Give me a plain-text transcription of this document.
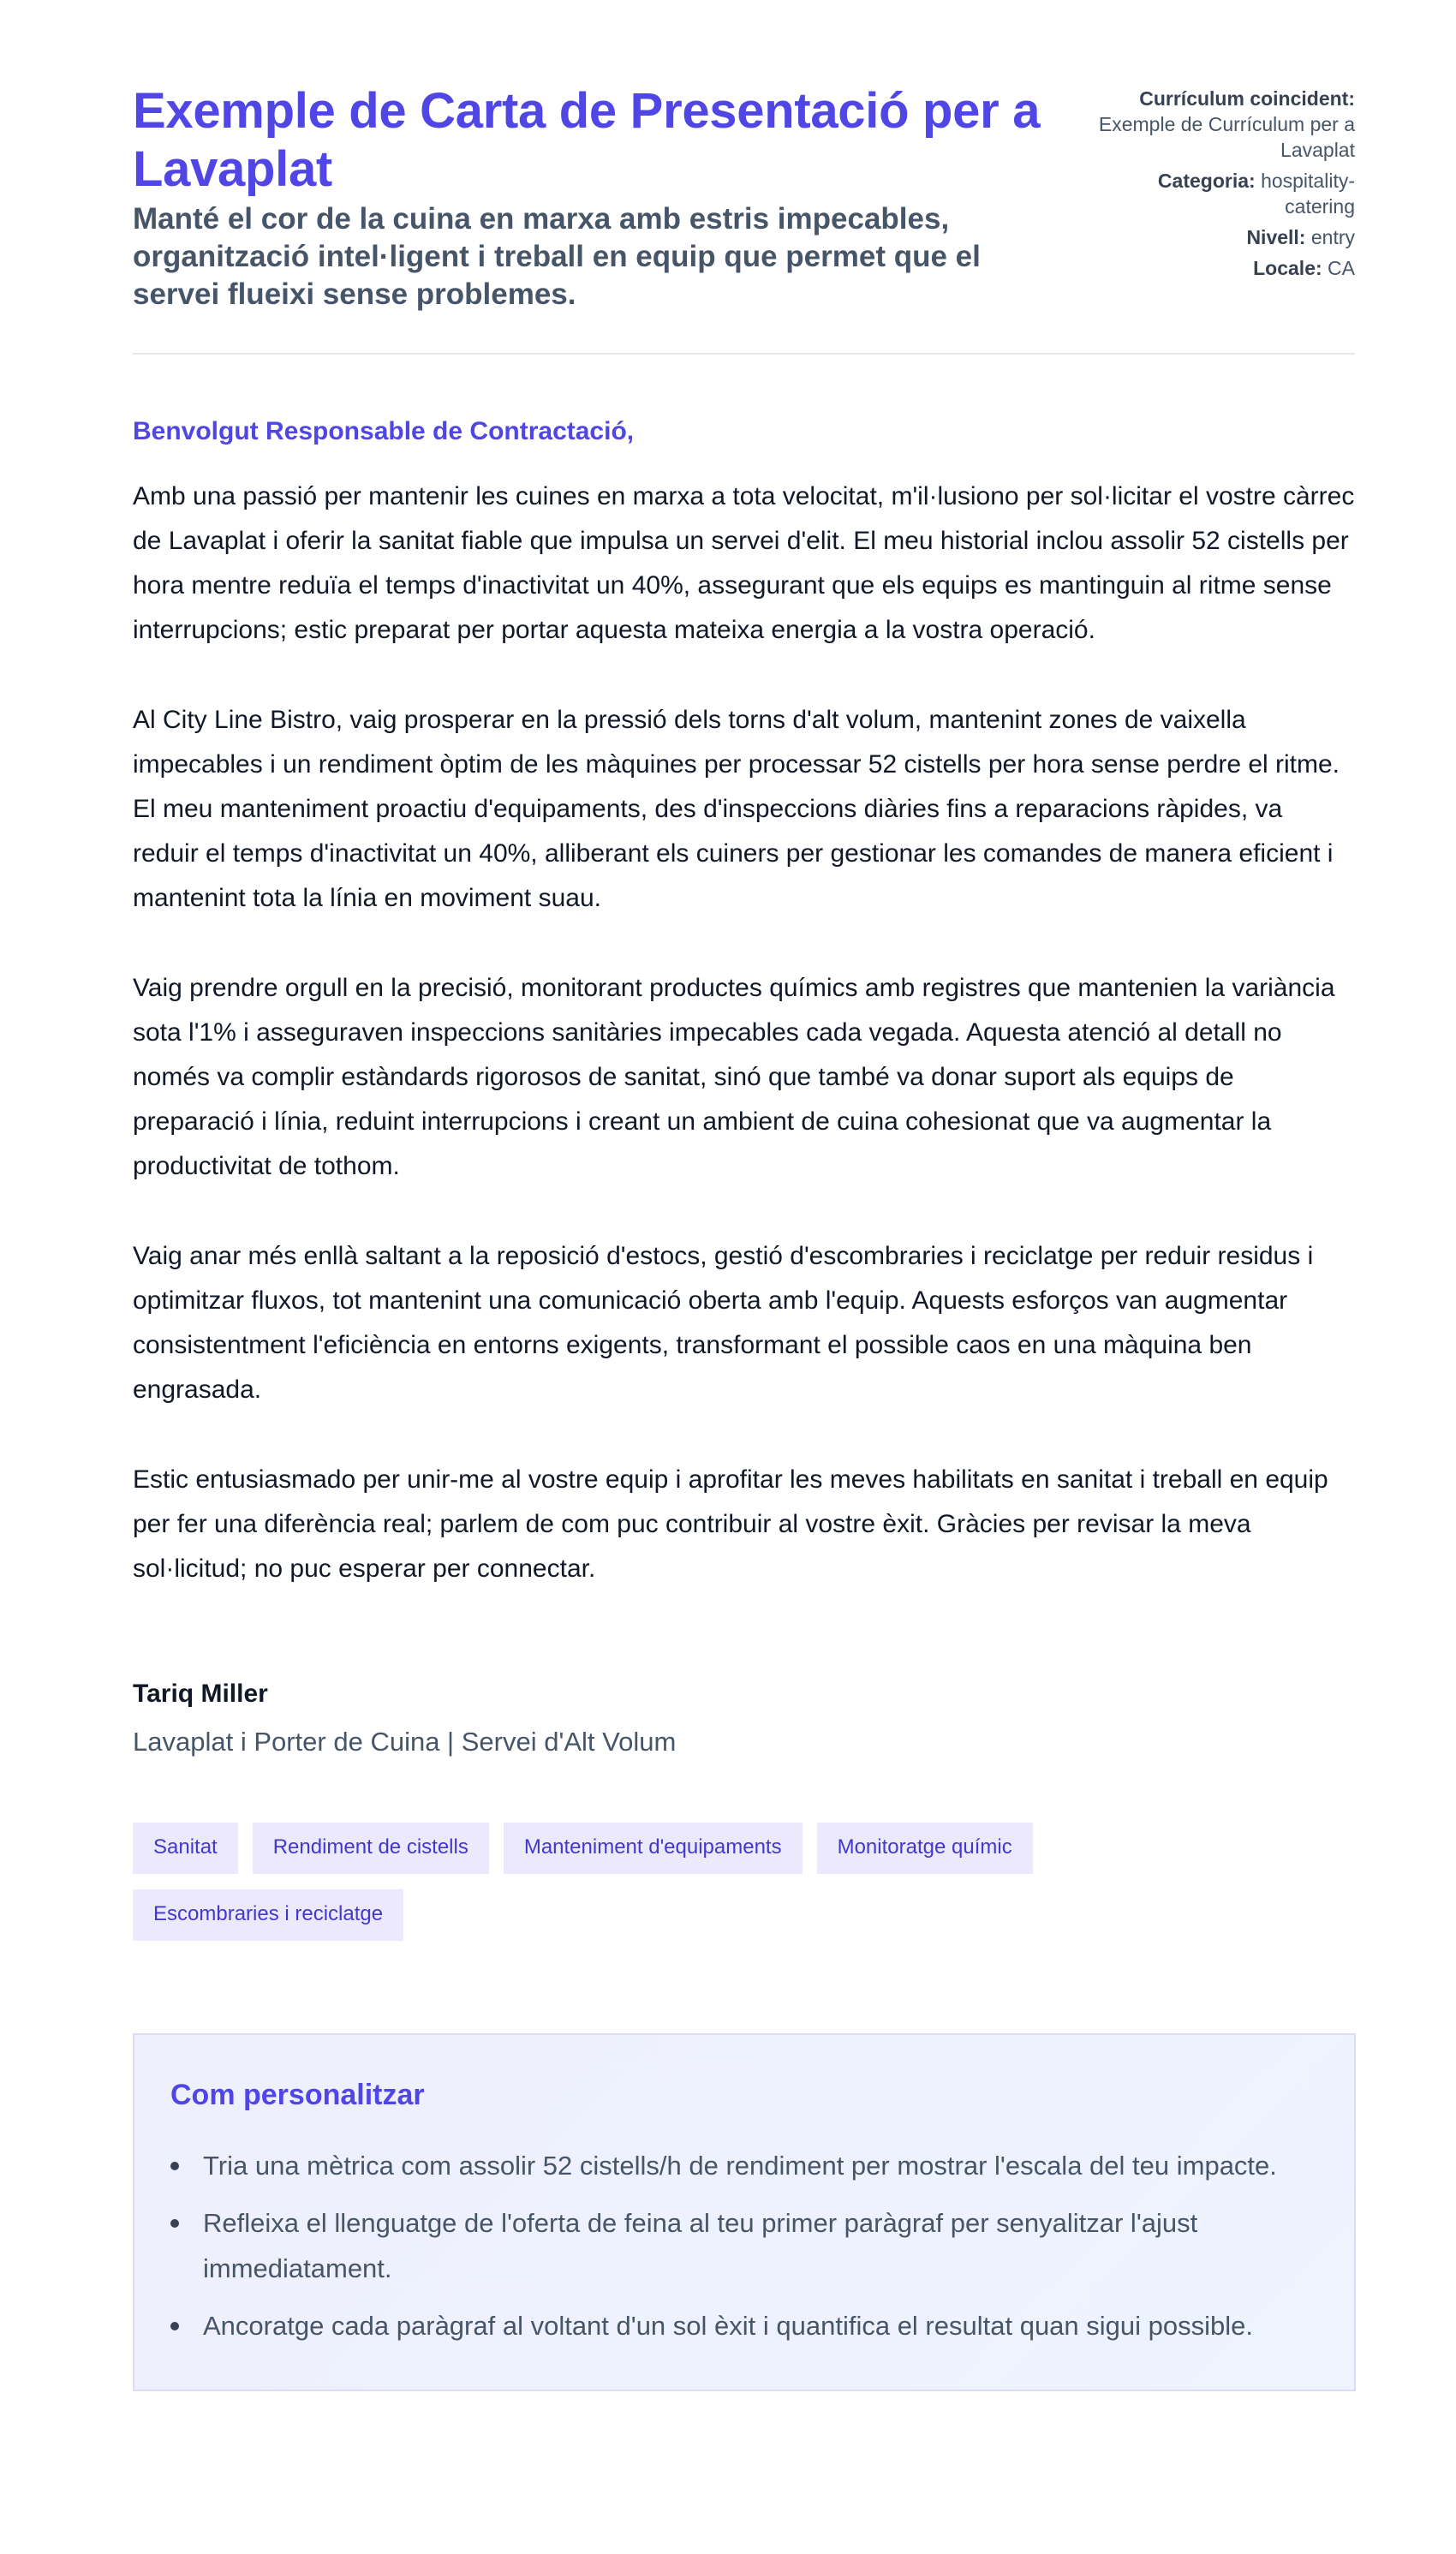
Exemple de Carta de Presentació per a Lavaplat
Manté el cor de la cuina en marxa amb estris impecables, organització intel·ligent i treball en equip que permet que el servei flueixi sense problemes.
Currículum coincident: Exemple de Currículum per a Lavaplat
Categoria: hospitality-catering
Nivell: entry
Locale: CA

Benvolgut Responsable de Contractació,

Amb una passió per mantenir les cuines en marxa a tota velocitat, m'il·lusiono per sol·licitar el vostre càrrec de Lavaplat i oferir la sanitat fiable que impulsa un servei d'elit. El meu historial inclou assolir 52 cistells per hora mentre reduïa el temps d'inactivitat un 40%, assegurant que els equips es mantinguin al ritme sense interrupcions; estic preparat per portar aquesta mateixa energia a la vostra operació.

Al City Line Bistro, vaig prosperar en la pressió dels torns d'alt volum, mantenint zones de vaixella impecables i un rendiment òptim de les màquines per processar 52 cistells per hora sense perdre el ritme. El meu manteniment proactiu d'equipaments, des d'inspeccions diàries fins a reparacions ràpides, va reduir el temps d'inactivitat un 40%, alliberant els cuiners per gestionar les comandes de manera eficient i mantenint tota la línia en moviment suau.

Vaig prendre orgull en la precisió, monitorant productes químics amb registres que mantenien la variància sota l'1% i asseguraven inspeccions sanitàries impecables cada vegada. Aquesta atenció al detall no només va complir estàndards rigorosos de sanitat, sinó que també va donar suport als equips de preparació i línia, reduint interrupcions i creant un ambient de cuina cohesionat que va augmentar la productivitat de tothom.

Vaig anar més enllà saltant a la reposició d'estocs, gestió d'escombraries i reciclatge per reduir residus i optimitzar fluxos, tot mantenint una comunicació oberta amb l'equip. Aquests esforços van augmentar consistentment l'eficiència en entorns exigents, transformant el possible caos en una màquina ben engrasada.

Estic entusiasmado per unir-me al vostre equip i aprofitar les meves habilitats en sanitat i treball en equip per fer una diferència real; parlem de com puc contribuir al vostre èxit. Gràcies per revisar la meva sol·licitud; no puc esperar per connectar.

Tariq Miller
Lavaplat i Porter de Cuina | Servei d'Alt Volum
Sanitat	Rendiment de cistells	Manteniment d'equipaments	Monitoratge químic
Escombraries i reciclatge
Com personalitzar
Tria una mètrica com assolir 52 cistells/h de rendiment per mostrar l'escala del teu impacte.
Refleixa el llenguatge de l'oferta de feina al teu primer paràgraf per senyalitzar l'ajust immediatament.
Ancoratge cada paràgraf al voltant d'un sol èxit i quantifica el resultat quan sigui possible.
